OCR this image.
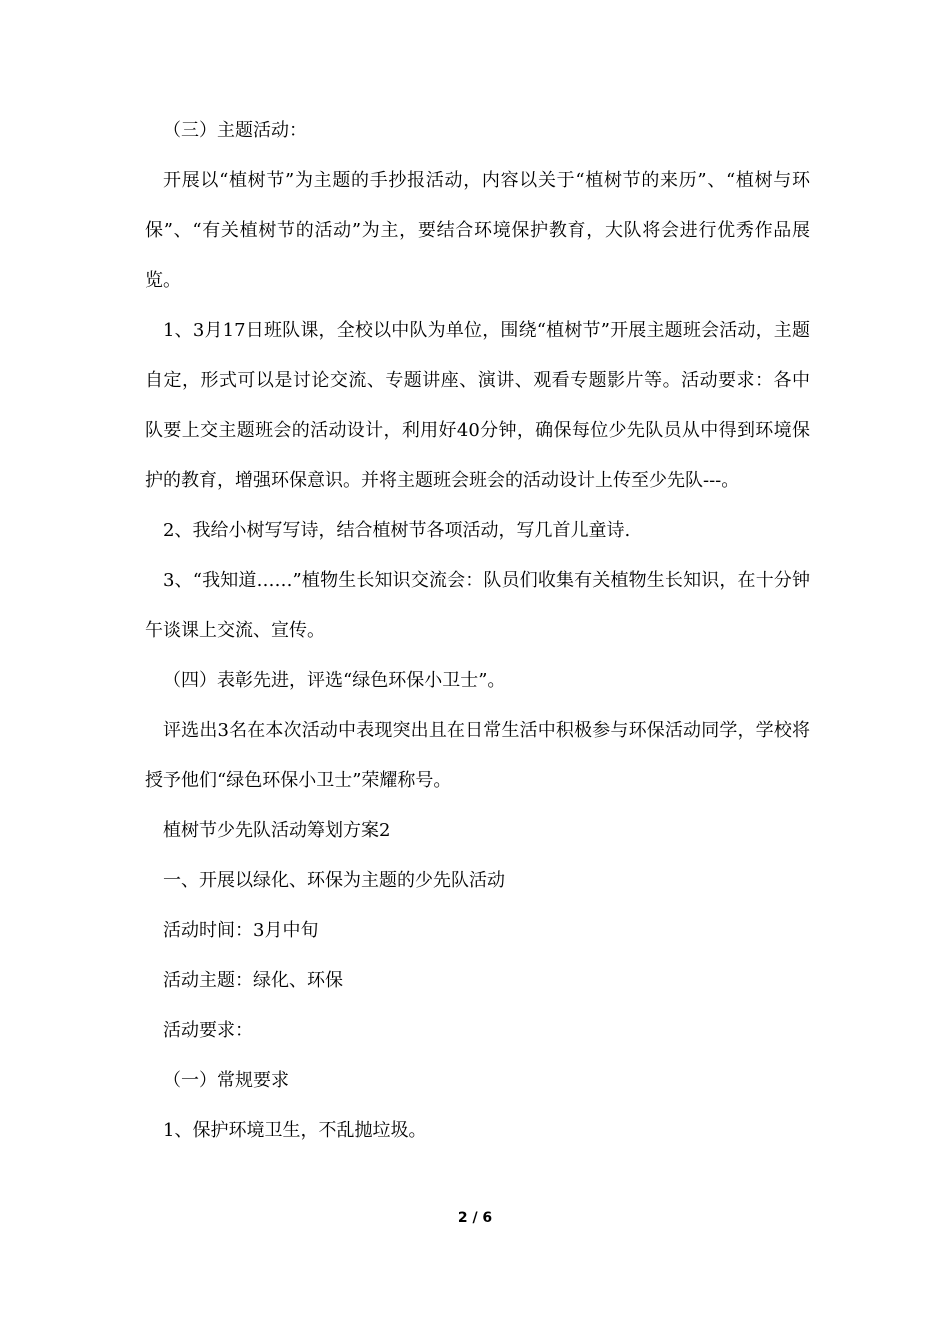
（三）主题活动：

开展以“植树节”为主题的手抄报活动，内容以关于“植树节的来历”、“植树与环保”、“有关植树节的活动”为主，要结合环境保护教育，大队将会进行优秀作品展览。

1、3月17日班队课，全校以中队为单位，围绕“植树节”开展主题班会活动，主题自定，形式可以是讨论交流、专题讲座、演讲、观看专题影片等。活动要求：各中队要上交主题班会的活动设计，利用好40分钟，确保每位少先队员从中得到环境保护的教育，增强环保意识。并将主题班会班会的活动设计上传至少先队---。

2、我给小树写写诗，结合植树节各项活动，写几首儿童诗.

3、“我知道……”植物生长知识交流会：队员们收集有关植物生长知识，在十分钟午谈课上交流、宣传。

（四）表彰先进，评选“绿色环保小卫士”。

评选出3名在本次活动中表现突出且在日常生活中积极参与环保活动同学，学校将授予他们“绿色环保小卫士”荣耀称号。

植树节少先队活动筹划方案2

一、开展以绿化、环保为主题的少先队活动

活动时间：3月中旬

活动主题：绿化、环保

活动要求：

（一）常规要求

1、保护环境卫生，不乱抛垃圾。

2 / 6
